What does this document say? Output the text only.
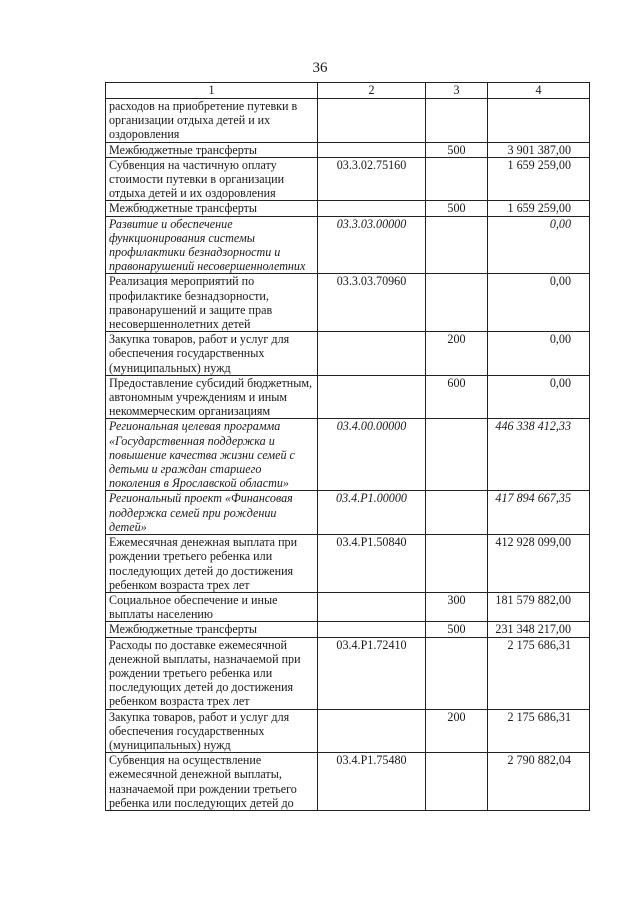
36
1	2	3	4
расходов на приобретение путевки в организации отдыха детей и их оздоровления			
Межбюджетные трансферты		500	3 901 387,00
Субвенция на частичную оплату стоимости путевки в организации отдыха детей и их оздоровления	03.3.02.75160		1 659 259,00
Межбюджетные трансферты		500	1 659 259,00
Развитие и обеспечение функционирования системы профилактики безнадзорности и правонарушений несовершеннолетних	03.3.03.00000		0,00
Реализация мероприятий по профилактике безнадзорности, правонарушений и защите прав несовершеннолетних детей	03.3.03.70960		0,00
Закупка товаров, работ и услуг для обеспечения государственных (муниципальных) нужд		200	0,00
Предоставление субсидий бюджетным, автономным учреждениям и иным некоммерческим организациям		600	0,00
Региональная целевая программа «Государственная поддержка и повышение качества жизни семей с детьми и граждан старшего поколения в Ярославской области»	03.4.00.00000		446 338 412,33
Региональный проект «Финансовая поддержка семей при рождении детей»	03.4.P1.00000		417 894 667,35
Ежемесячная денежная выплата при рождении третьего ребенка или последующих детей до достижения ребенком возраста трех лет	03.4.P1.50840		412 928 099,00
Социальное обеспечение и иные выплаты населению		300	181 579 882,00
Межбюджетные трансферты		500	231 348 217,00
Расходы по доставке ежемесячной денежной выплаты, назначаемой при рождении третьего ребенка или последующих детей до достижения ребенком возраста трех лет	03.4.P1.72410		2 175 686,31
Закупка товаров, работ и услуг для обеспечения государственных (муниципальных) нужд		200	2 175 686,31
Субвенция на осуществление ежемесячной денежной выплаты, назначаемой при рождении третьего ребенка или последующих детей до	03.4.P1.75480		2 790 882,04
